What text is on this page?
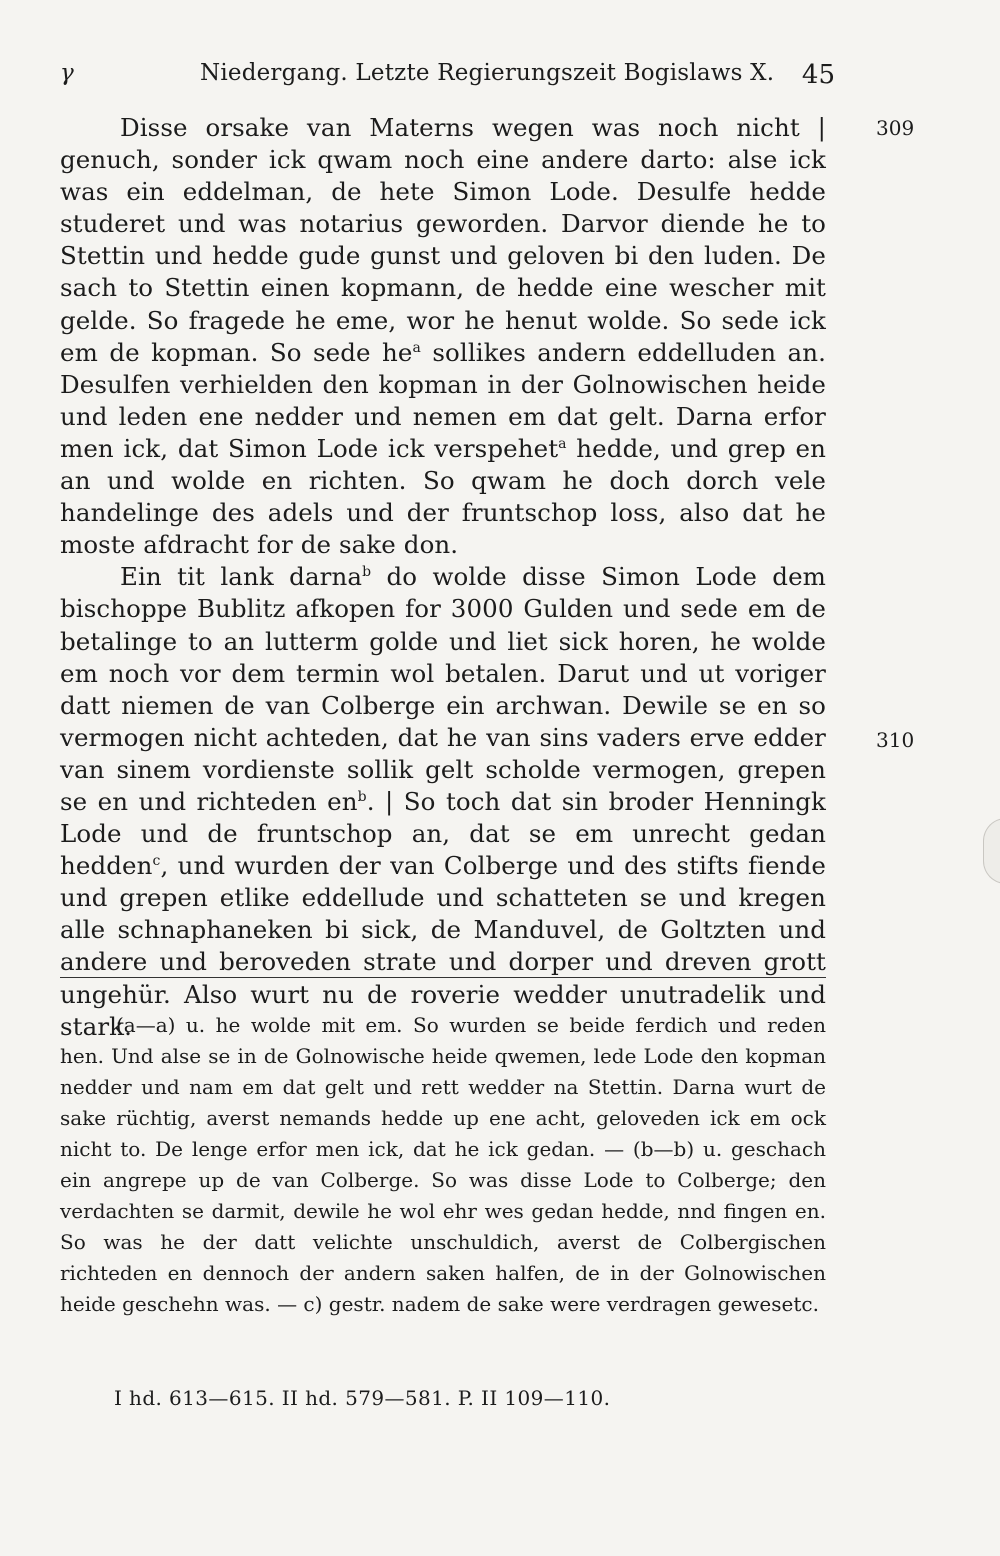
γ	Niedergang. Letzte Regierungszeit Bogislaws X. 45
309
310

Disse orsake van Materns wegen was noch nicht | genuch, sonder ick qwam noch eine andere darto: alse ick was ein eddelman, de hete Simon Lode. Desulfe hedde studeret und was notarius geworden. Darvor diende he to Stettin und hedde gude gunst und geloven bi den luden. De sach to Stettin einen kopmann, de hedde eine wescher mit gelde. So fragede he eme, wor he henut wolde. So sede ick em de kopman. So sede $he^a$ sollikes andern eddelluden an. Desulfen verhielden den kopman in der Golnowischen heide und leden ene nedder und nemen em dat gelt. Darna erfor men ick, dat Simon Lode ick verspehet$^a$ hedde, und grep en an und wolde en richten. So qwam he doch dorch vele handelinge des adels und der fruntschop loss, also dat he moste afdracht for de sake don.

Ein tit lank darna$^b$ do wolde disse Simon Lode dem bischoppe Bublitz afkopen for 3000 Gulden und sede em de betalinge to an lutterm golde und liet sick horen, he wolde em noch vor dem termin wol betalen. Darut und ut voriger datt niemen de van Colberge ein archwan. Dewile se en so vermogen nicht achteden, dat he van sins vaders erve edder van sinem vordienste sollik gelt scholde vermogen, grepen se en und richteden $en^b$. | So toch dat sin broder Henningk Lode und de fruntschop an, dat se em unrecht gedan hedden$^c$, und wurden der van Colberge und des stifts fiende und grepen etlike eddellude und schatteten se und kregen alle schnaphaneken bi sick, de Manduvel, de Goltzten und andere und beroveden strate und dorper und dreven grott ungehür. Also wurt nu de roverie wedder unutradelik und stark.

(a—a) u. he wolde mit em. So wurden se beide ferdich und reden hen. Und alse se in de Golnowische heide qwemen, lede Lode den kopman nedder und nam em dat gelt und rett wedder na Stettin. Darna wurt de sake rüchtig, averst nemands hedde up ene acht, geloveden ick em ock nicht to. De lenge erfor men ick, dat he ick gedan. — (b—b) u. geschach ein angrepe up de van Colberge. So was disse Lode to Colberge; den verdachten se darmit, dewile he wol ehr wes gedan hedde, nnd fingen en. So was he der datt velichte unschuldich, averst de Colbergischen richteden en dennoch der andern saken halfen, de in der Golnowischen heide geschehn was. — c) gestr. nadem de sake were verdragen gewesetc.

I hd. 613—615. II hd. 579—581. P. II 109—110.
